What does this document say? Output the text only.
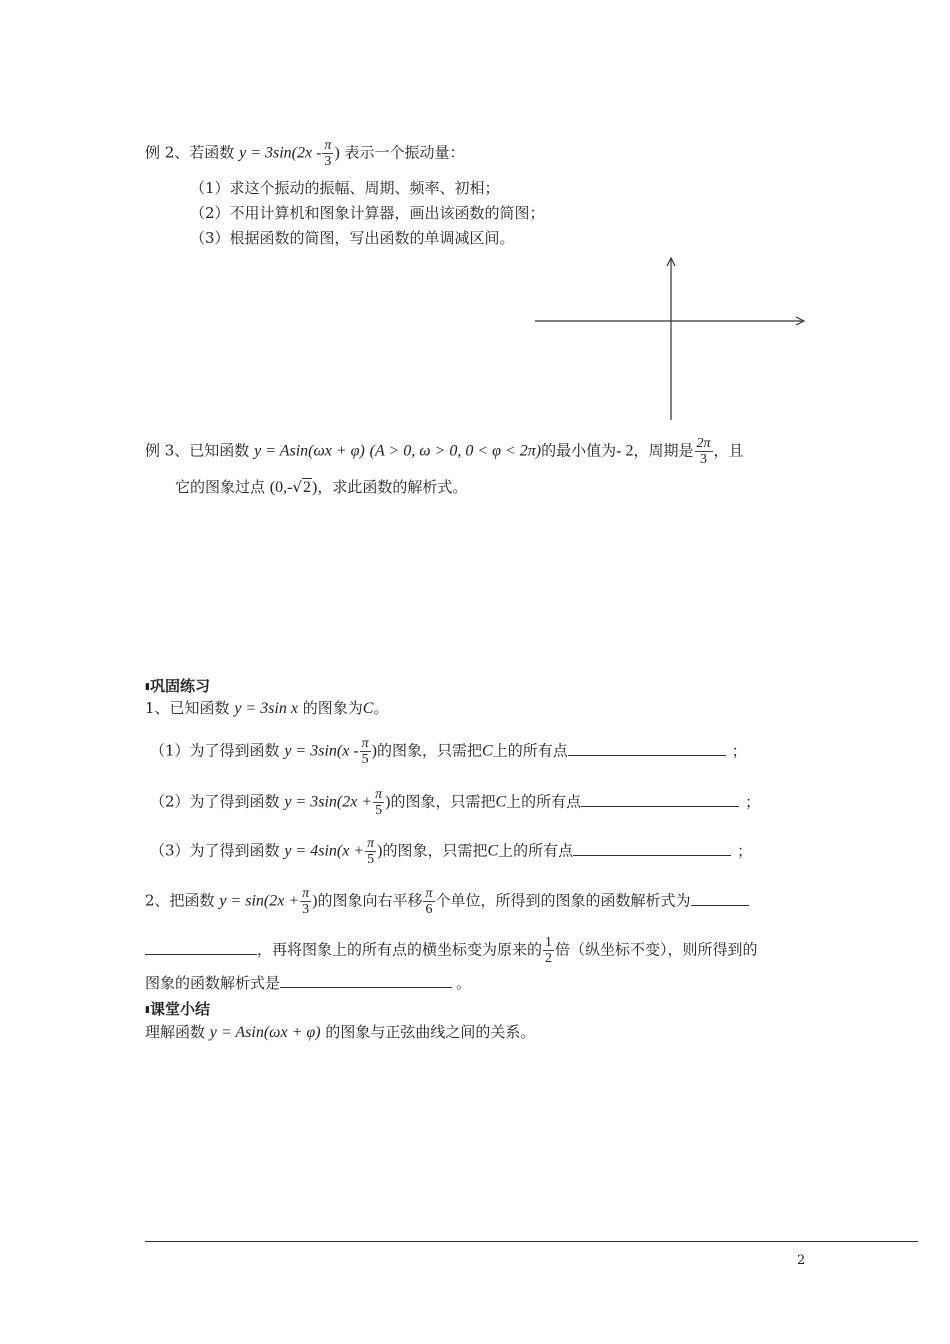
例 2、若函数 $y = 3\sin(2x - \frac{\pi}{3}$ ) 表示一个振动量：
（1）求这个振动的振幅、周期、频率、初相；
（2）不用计算机和图象计算器，画出该函数的简图；
（3）根据函数的简图，写出函数的单调减区间。
例 3、已知函数 y = Asin(ωx + φ) (A > 0, ω > 0, 0 < φ < 2π)的最小值为- 2，周期是 $\frac{2\pi}{3}$ ，且
它的图象过点 (0,-√2)，求此函数的解析式。
▮巩固练习
1、已知函数 y = 3sin x 的图象为C。
（1）为了得到函数 $y = 3\sin(x - \frac{\pi}{5}$ )的图象，只需把C上的所有点	；
（2）为了得到函数 $y = 3\sin(2x + \frac{\pi}{5}$ )的图象，只需把C上的所有点	；
（3）为了得到函数 $y = 4\sin(x + \frac{\pi}{5}$ )的图象，只需把C上的所有点	；
2、把函数 $y = \sin(2x + \frac{\pi}{3}$ )的图象向右平移 $\frac{\pi}{6}$ 个单位，所得到的图象的函数解析式为
，再将图象上的所有点的横坐标变为原来的 $\frac{1}{2}$ 倍（纵坐标不变），则所得到的
图象的函数解析式是	。
▮课堂小结
理解函数 y = Asin(ωx + φ) 的图象与正弦曲线之间的关系。
2
